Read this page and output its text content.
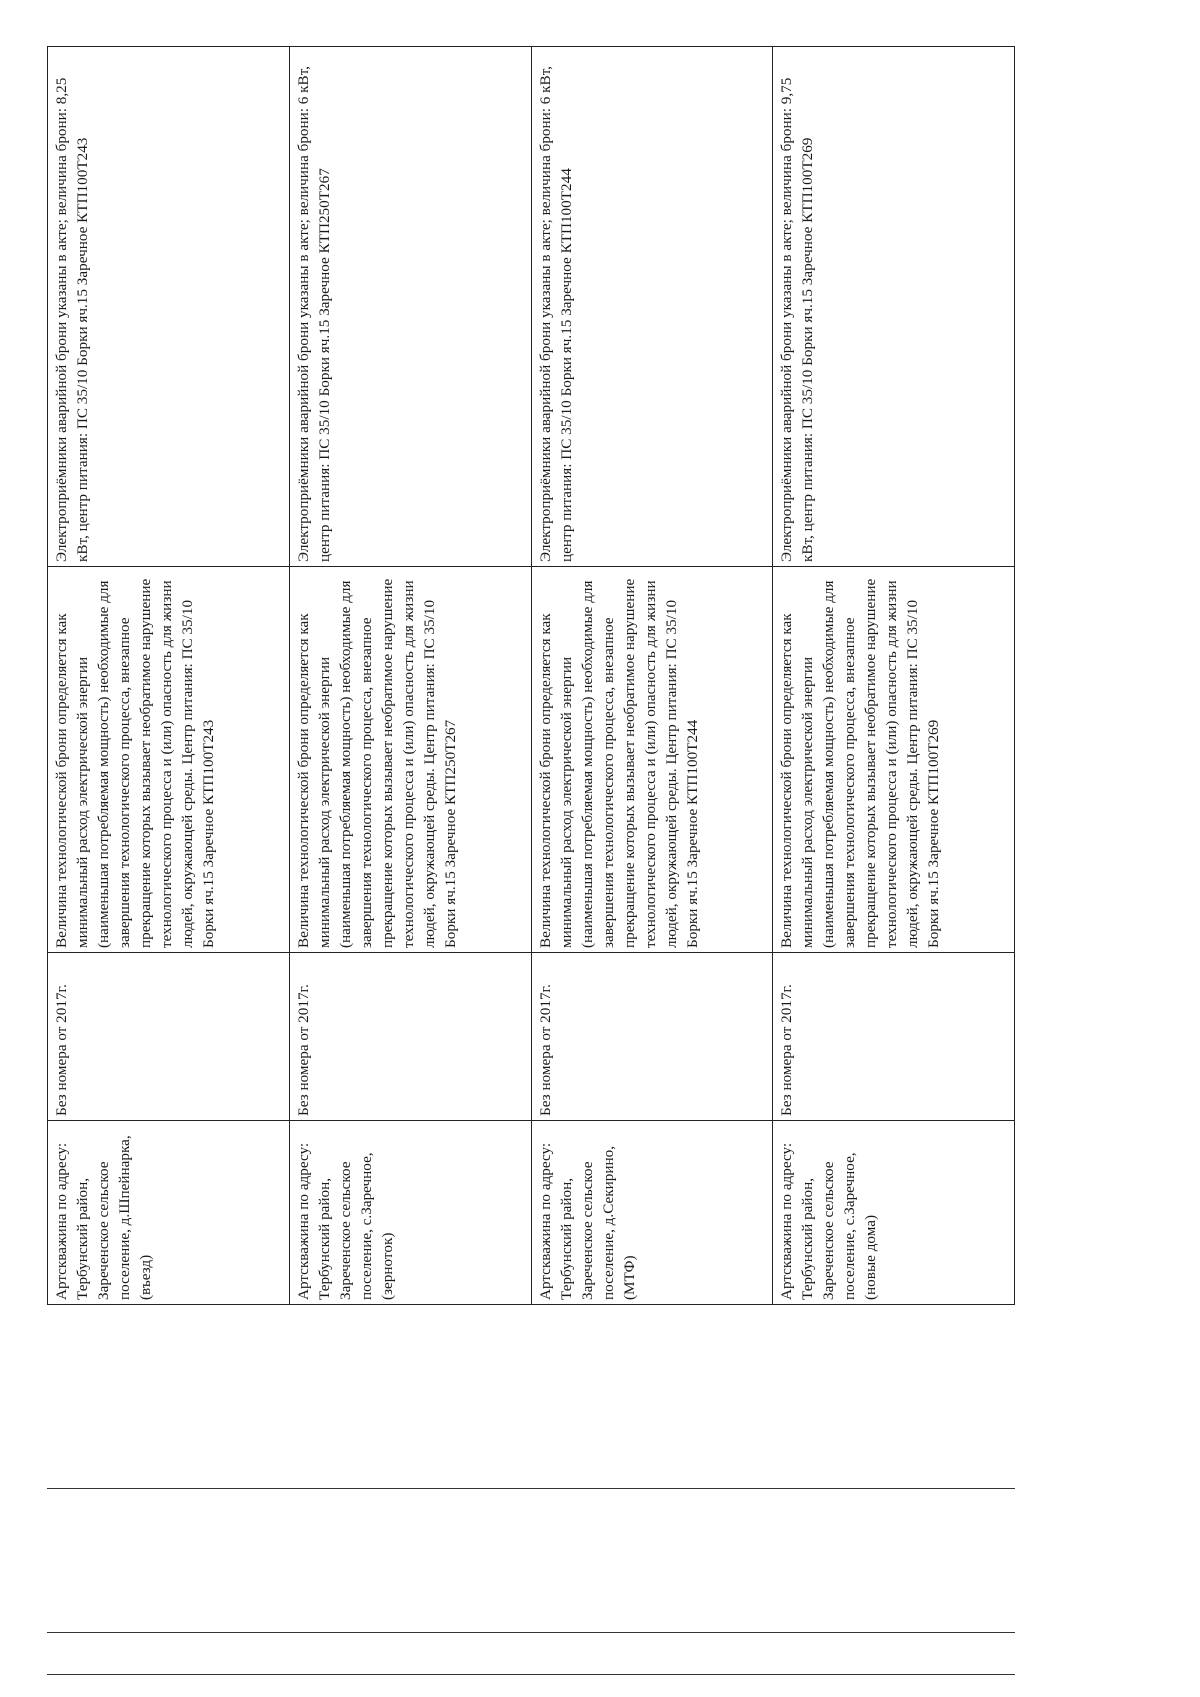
Артскважина по адресу: Тербунский район, Зареченское сельское поселение, д.Шпейнарка, (въезд)	Без номера от 2017г.	Величина технологической брони определяется как минимальный расход электрической энергии (наименьшая потребляемая мощность) необходимые для завершения технологического процесса, внезапное прекращение которых вызывает необратимое нарушение технологического процесса и (или) опасность для жизни людей, окружающей среды. Центр питания: ПС 35/10 Борки яч.15 Заречное КТП100Т243	Электроприёмники аварийной брони указаны в акте; величина брони: 8,25 кВт, центр питания: ПС 35/10 Борки яч.15 Заречное КТП100Т243
Артскважина по адресу: Тербунский район, Зареченское сельское поселение, с.Заречное, (зерноток)	Без номера от 2017г.	Величина технологической брони определяется как минимальный расход электрической энергии (наименьшая потребляемая мощность) необходимые для завершения технологического процесса, внезапное прекращение которых вызывает необратимое нарушение технологического процесса и (или) опасность для жизни людей, окружающей среды. Центр питания: ПС 35/10 Борки яч.15 Заречное КТП250Т267	Электроприёмники аварийной брони указаны в акте; величина брони: 6 кВт, центр питания: ПС 35/10 Борки яч.15 Заречное КТП250Т267
Артскважина по адресу: Тербунский район, Зареченское сельское поселение, д.Секирино, (МТФ)	Без номера от 2017г.	Величина технологической брони определяется как минимальный расход электрической энергии (наименьшая потребляемая мощность) необходимые для завершения технологического процесса, внезапное прекращение которых вызывает необратимое нарушение технологического процесса и (или) опасность для жизни людей, окружающей среды. Центр питания: ПС 35/10 Борки яч.15 Заречное КТП100Т244	Электроприёмники аварийной брони указаны в акте; величина брони: 6 кВт, центр питания: ПС 35/10 Борки яч.15 Заречное КТП100Т244
Артскважина по адресу: Тербунский район, Зареченское сельское поселение, с.Заречное, (новые дома)	Без номера от 2017г.	Величина технологической брони определяется как минимальный расход электрической энергии (наименьшая потребляемая мощность) необходимые для завершения технологического процесса, внезапное прекращение которых вызывает необратимое нарушение технологического процесса и (или) опасность для жизни людей, окружающей среды. Центр питания: ПС 35/10 Борки яч.15 Заречное КТП100Т269	Электроприёмники аварийной брони указаны в акте; величина брони: 9,75 кВт, центр питания: ПС 35/10 Борки яч.15 Заречное КТП100Т269
